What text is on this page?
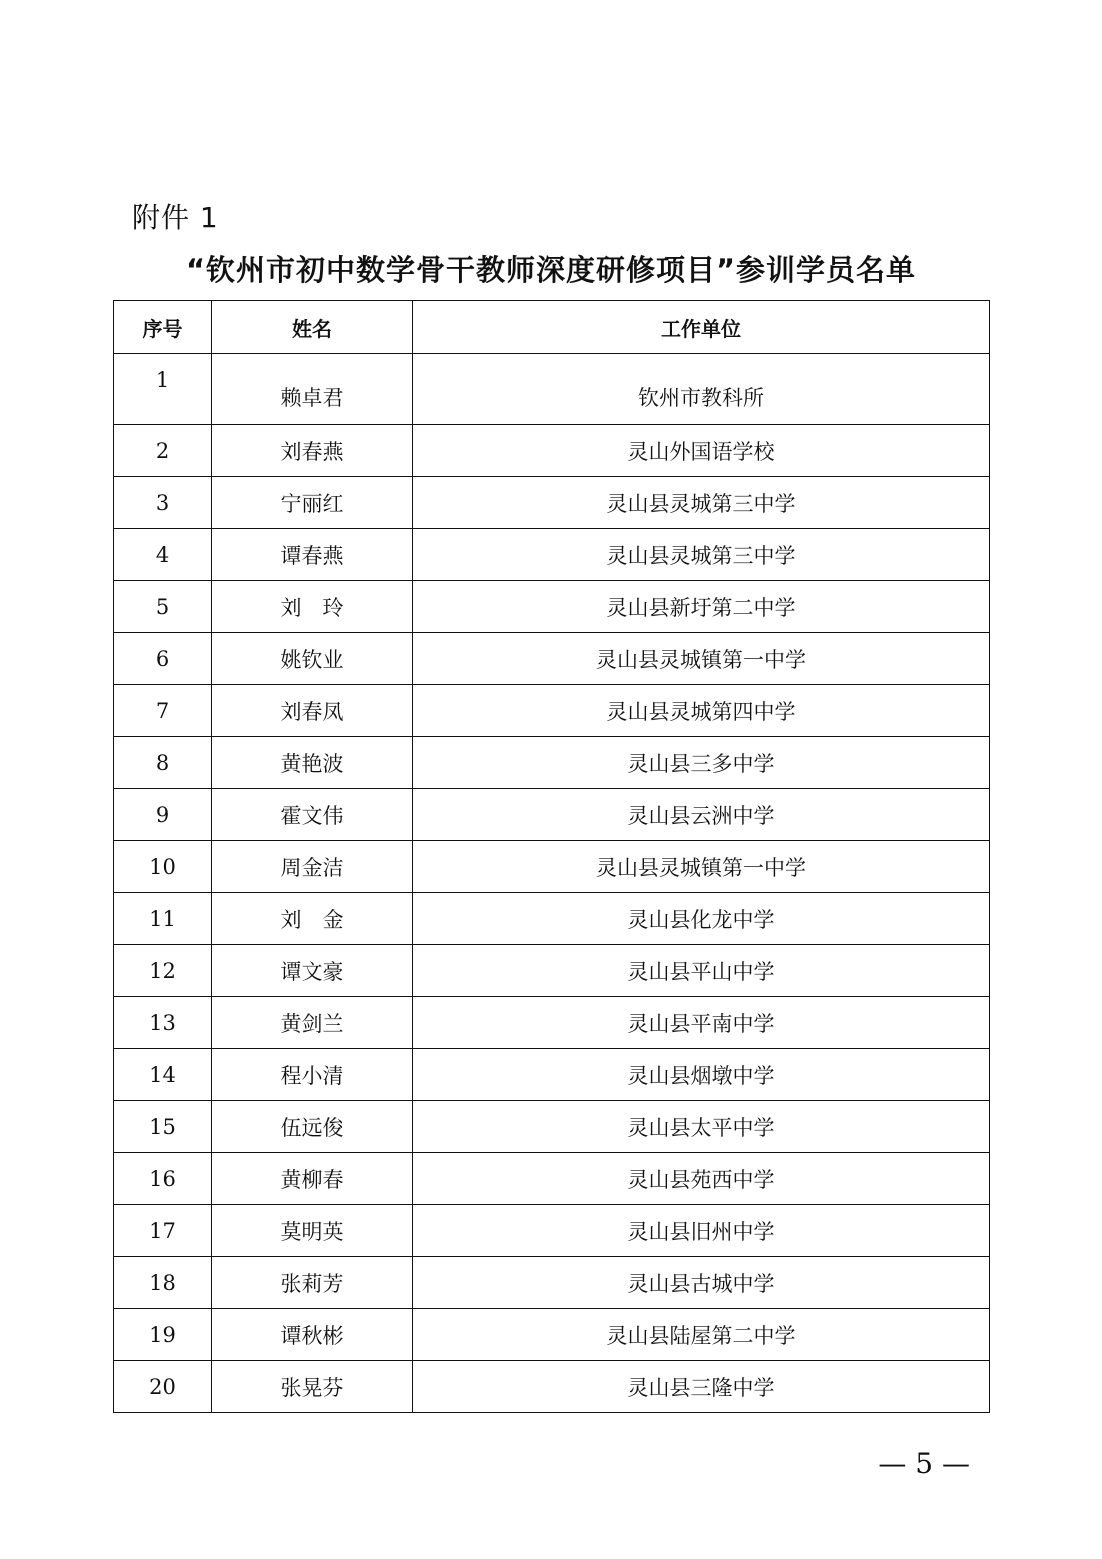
附件 1
“钦州市初中数学骨干教师深度研修项目”参训学员名单
序号	姓名	工作单位
1	赖卓君	钦州市教科所
2	刘春燕	灵山外国语学校
3	宁丽红	灵山县灵城第三中学
4	谭春燕	灵山县灵城第三中学
5	刘　玲	灵山县新圩第二中学
6	姚钦业	灵山县灵城镇第一中学
7	刘春凤	灵山县灵城第四中学
8	黄艳波	灵山县三多中学
9	霍文伟	灵山县云洲中学
10	周金洁	灵山县灵城镇第一中学
11	刘　金	灵山县化龙中学
12	谭文豪	灵山县平山中学
13	黄剑兰	灵山县平南中学
14	程小清	灵山县烟墩中学
15	伍远俊	灵山县太平中学
16	黄柳春	灵山县苑西中学
17	莫明英	灵山县旧州中学
18	张莉芳	灵山县古城中学
19	谭秋彬	灵山县陆屋第二中学
20	张晃芬	灵山县三隆中学
— 5 —
